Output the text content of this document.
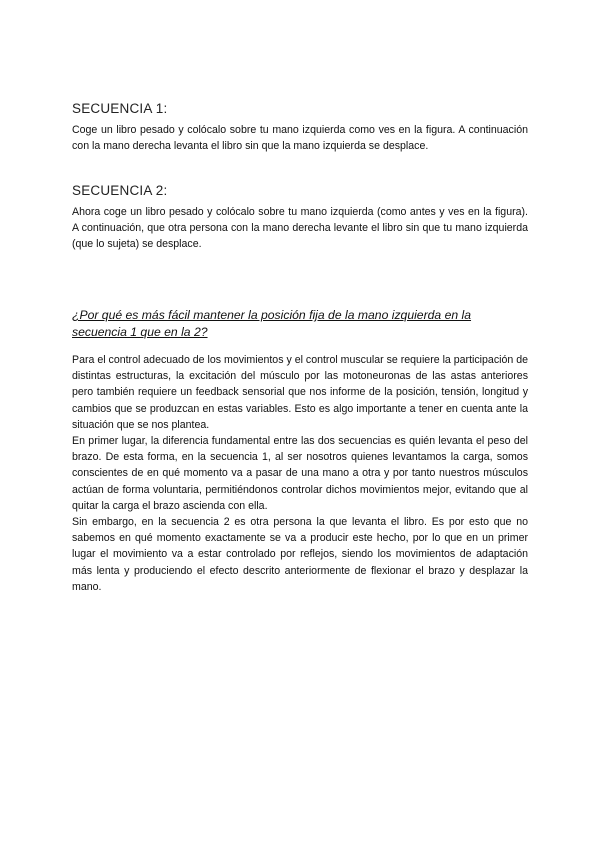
SECUENCIA 1:

Coge un libro pesado y colócalo sobre tu mano izquierda como ves en la figura. A continuación con la mano derecha levanta el libro sin que la mano izquierda se desplace.

SECUENCIA 2:

Ahora coge un libro pesado y colócalo sobre tu mano izquierda (como antes y ves en la figura). A continuación, que otra persona con la mano derecha levante el libro sin que tu mano izquierda (que lo sujeta) se desplace.

¿Por qué es más fácil mantener la posición fija de la mano izquierda en la secuencia 1 que en la 2?

Para el control adecuado de los movimientos y el control muscular se requiere la participación de distintas estructuras, la excitación del músculo por las motoneuronas de las astas anteriores pero también requiere un feedback sensorial que nos informe de la posición, tensión, longitud y cambios que se produzcan en estas variables. Esto es algo importante a tener en cuenta ante la situación que se nos plantea.

En primer lugar, la diferencia fundamental entre las dos secuencias es quién levanta el peso del brazo. De esta forma, en la secuencia 1, al ser nosotros quienes levantamos la carga, somos conscientes de en qué momento va a pasar de una mano a otra y por tanto nuestros músculos actúan de forma voluntaria, permitiéndonos controlar dichos movimientos mejor, evitando que al quitar la carga el brazo ascienda con ella.

Sin embargo, en la secuencia 2 es otra persona la que levanta el libro. Es por esto que no sabemos en qué momento exactamente se va a producir este hecho, por lo que en un primer lugar el movimiento va a estar controlado por reflejos, siendo los movimientos de adaptación más lenta y produciendo el efecto descrito anteriormente de flexionar el brazo y desplazar la mano.
